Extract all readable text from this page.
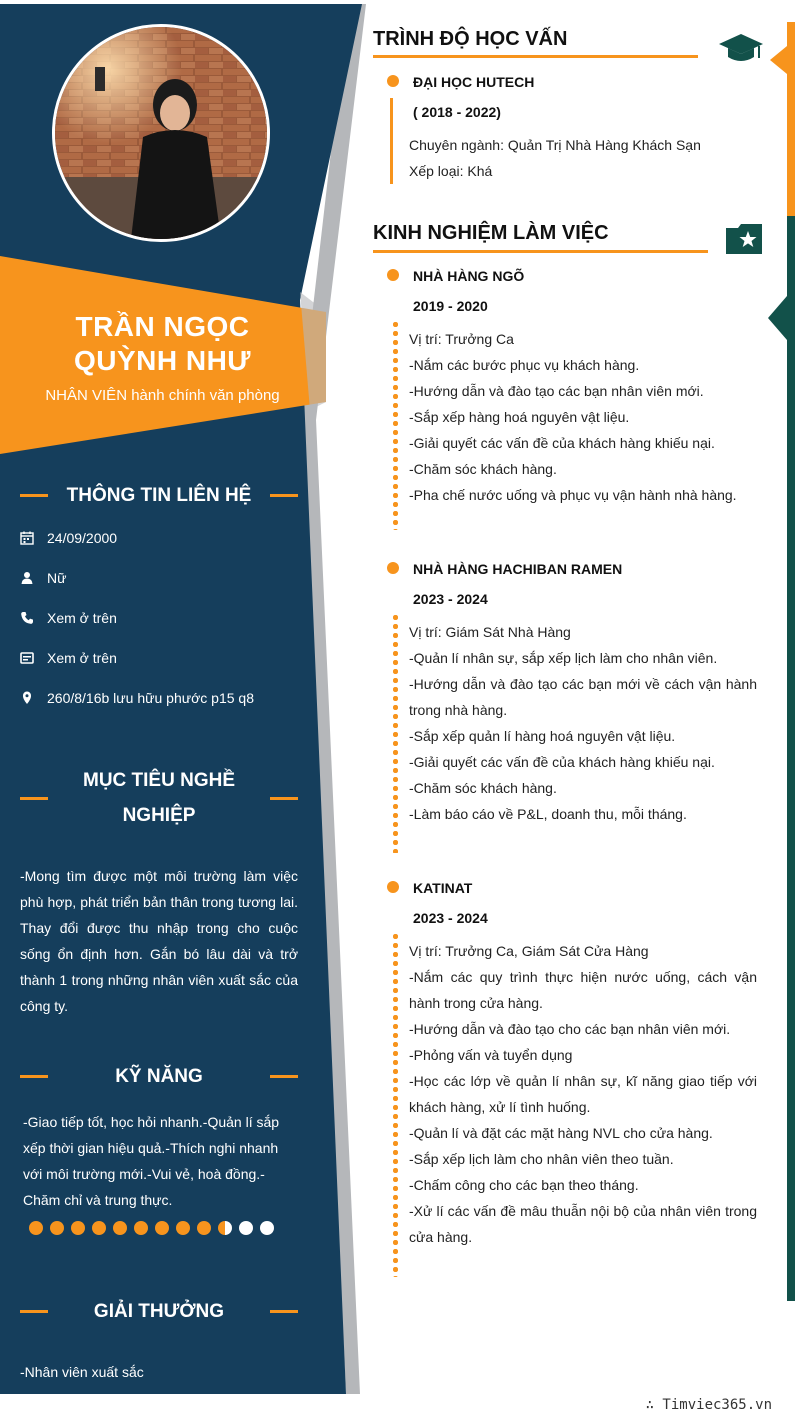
TRẦN NGỌC QUỲNH NHƯ
NHÂN VIÊN hành chính văn phòng
THÔNG TIN LIÊN HỆ
24/09/2000
Nữ
Xem ở trên
Xem ở trên
260/8/16b lưu hữu phước p15 q8
MỤC TIÊU NGHỀ
NGHIỆP
-Mong tìm được một môi trường làm việc phù hợp, phát triển bản thân trong tương lai. Thay đổi được thu nhập trong cho cuộc sống ổn định hơn. Gắn bó lâu dài và trở thành 1 trong những nhân viên xuất sắc của công ty.
KỸ NĂNG
-Giao tiếp tốt, học hỏi nhanh.-Quản lí sắp xếp thời gian hiệu quả.-Thích nghi nhanh với môi trường mới.-Vui vẻ, hoà đồng.-Chăm chỉ và trung thực.
GIẢI THƯỞNG
-Nhân viên xuất sắc
TRÌNH ĐỘ HỌC VẤN
ĐẠI HỌC HUTECH
( 2018 - 2022)
Chuyên ngành: Quản Trị Nhà Hàng Khách Sạn
Xếp loại: Khá
KINH NGHIỆM LÀM VIỆC
NHÀ HÀNG NGÕ
2019 - 2020
Vị trí: Trưởng Ca
-Nắm các bước phục vụ khách hàng.
-Hướng dẫn và đào tạo các bạn nhân viên mới.
-Sắp xếp hàng hoá nguyên vật liệu.
-Giải quyết các vấn đề của khách hàng khiếu nại.
-Chăm sóc khách hàng.
-Pha chế nước uống và phục vụ vận hành nhà hàng.
NHÀ HÀNG HACHIBAN RAMEN
2023 - 2024
Vị trí: Giám Sát Nhà Hàng
-Quản lí nhân sự, sắp xếp lịch làm cho nhân viên.
-Hướng dẫn và đào tạo các bạn mới về cách vận hành trong nhà hàng.
-Sắp xếp quản lí hàng hoá nguyên vật liệu.
-Giải quyết các vấn đề của khách hàng khiếu nại.
-Chăm sóc khách hàng.
-Làm báo cáo về P&L, doanh thu, mỗi tháng.
KATINAT
2023 - 2024
Vị trí: Trưởng Ca, Giám Sát Cửa Hàng
-Nắm các quy trình thực hiện nước uống, cách vận hành trong cửa hàng.
-Hướng dẫn và đào tạo cho các bạn nhân viên mới.
-Phỏng vấn và tuyển dụng
-Học các lớp về quản lí nhân sự, kĩ năng giao tiếp với khách hàng, xử lí tình huống.
-Quản lí và đặt các mặt hàng NVL cho cửa hàng.
-Sắp xếp lịch làm cho nhân viên theo tuần.
-Chấm công cho các bạn theo tháng.
-Xử lí các vấn đề mâu thuẫn nội bộ của nhân viên trong cửa hàng.
∴ Timviec365.vn
